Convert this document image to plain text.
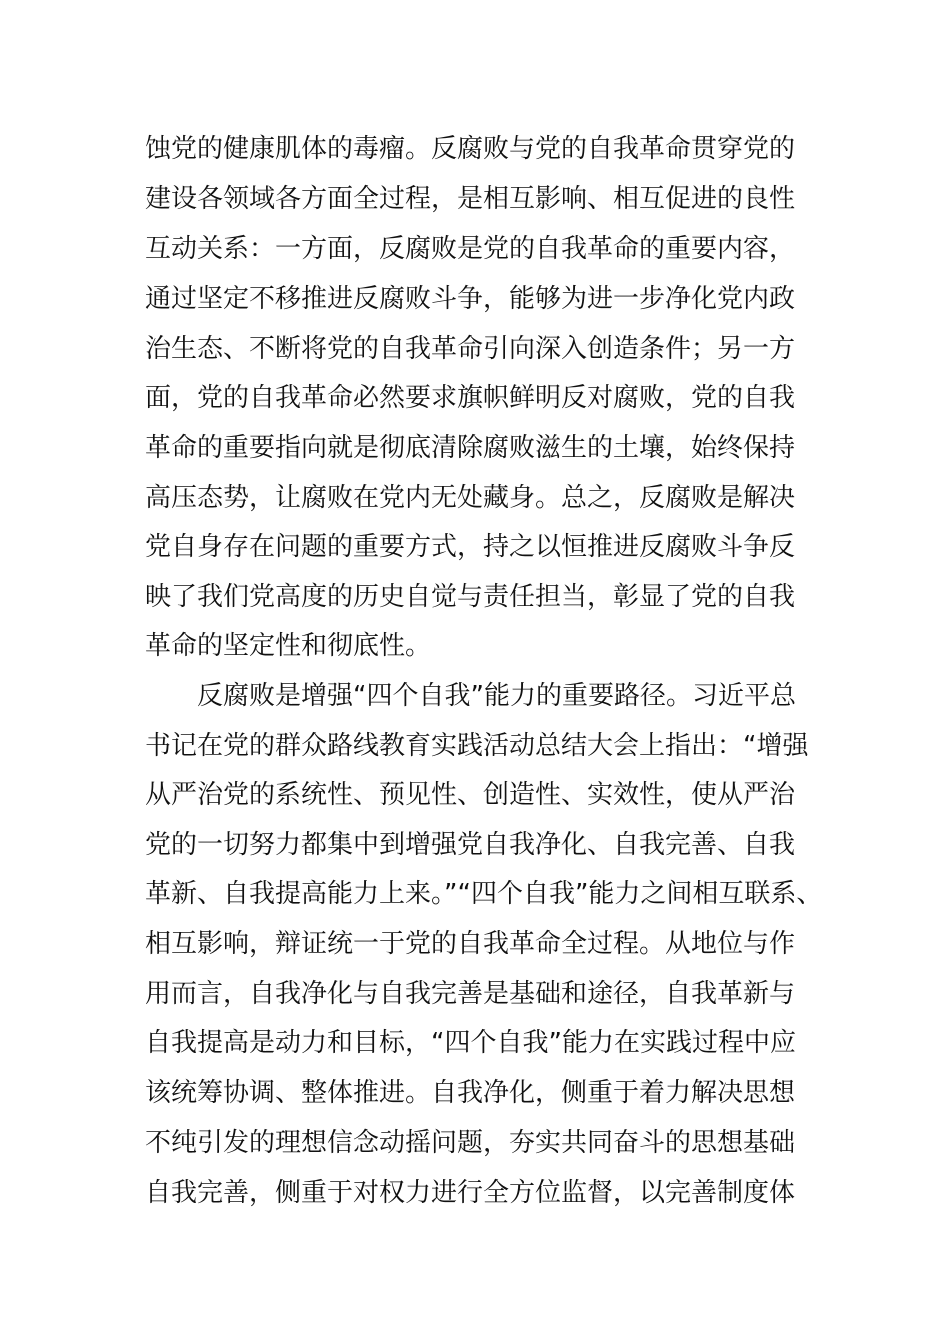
蚀党的健康肌体的毒瘤。反腐败与党的自我革命贯穿党的
建设各领域各方面全过程，是相互影响、相互促进的良性
互动关系：一方面，反腐败是党的自我革命的重要内容，
通过坚定不移推进反腐败斗争，能够为进一步净化党内政
治生态、不断将党的自我革命引向深入创造条件；另一方
面，党的自我革命必然要求旗帜鲜明反对腐败，党的自我
革命的重要指向就是彻底清除腐败滋生的土壤，始终保持
高压态势，让腐败在党内无处藏身。总之，反腐败是解决
党自身存在问题的重要方式，持之以恒推进反腐败斗争反
映了我们党高度的历史自觉与责任担当，彰显了党的自我
革命的坚定性和彻底性。
　　反腐败是增强“四个自我”能力的重要路径。习近平总
书记在党的群众路线教育实践活动总结大会上指出：“增强
从严治党的系统性、预见性、创造性、实效性，使从严治
党的一切努力都集中到增强党自我净化、自我完善、自我
革新、自我提高能力上来。”“四个自我”能力之间相互联系、
相互影响，辩证统一于党的自我革命全过程。从地位与作
用而言，自我净化与自我完善是基础和途径，自我革新与
自我提高是动力和目标，“四个自我”能力在实践过程中应
该统筹协调、整体推进。自我净化，侧重于着力解决思想
不纯引发的理想信念动摇问题，夯实共同奋斗的思想基础
自我完善，侧重于对权力进行全方位监督，以完善制度体
